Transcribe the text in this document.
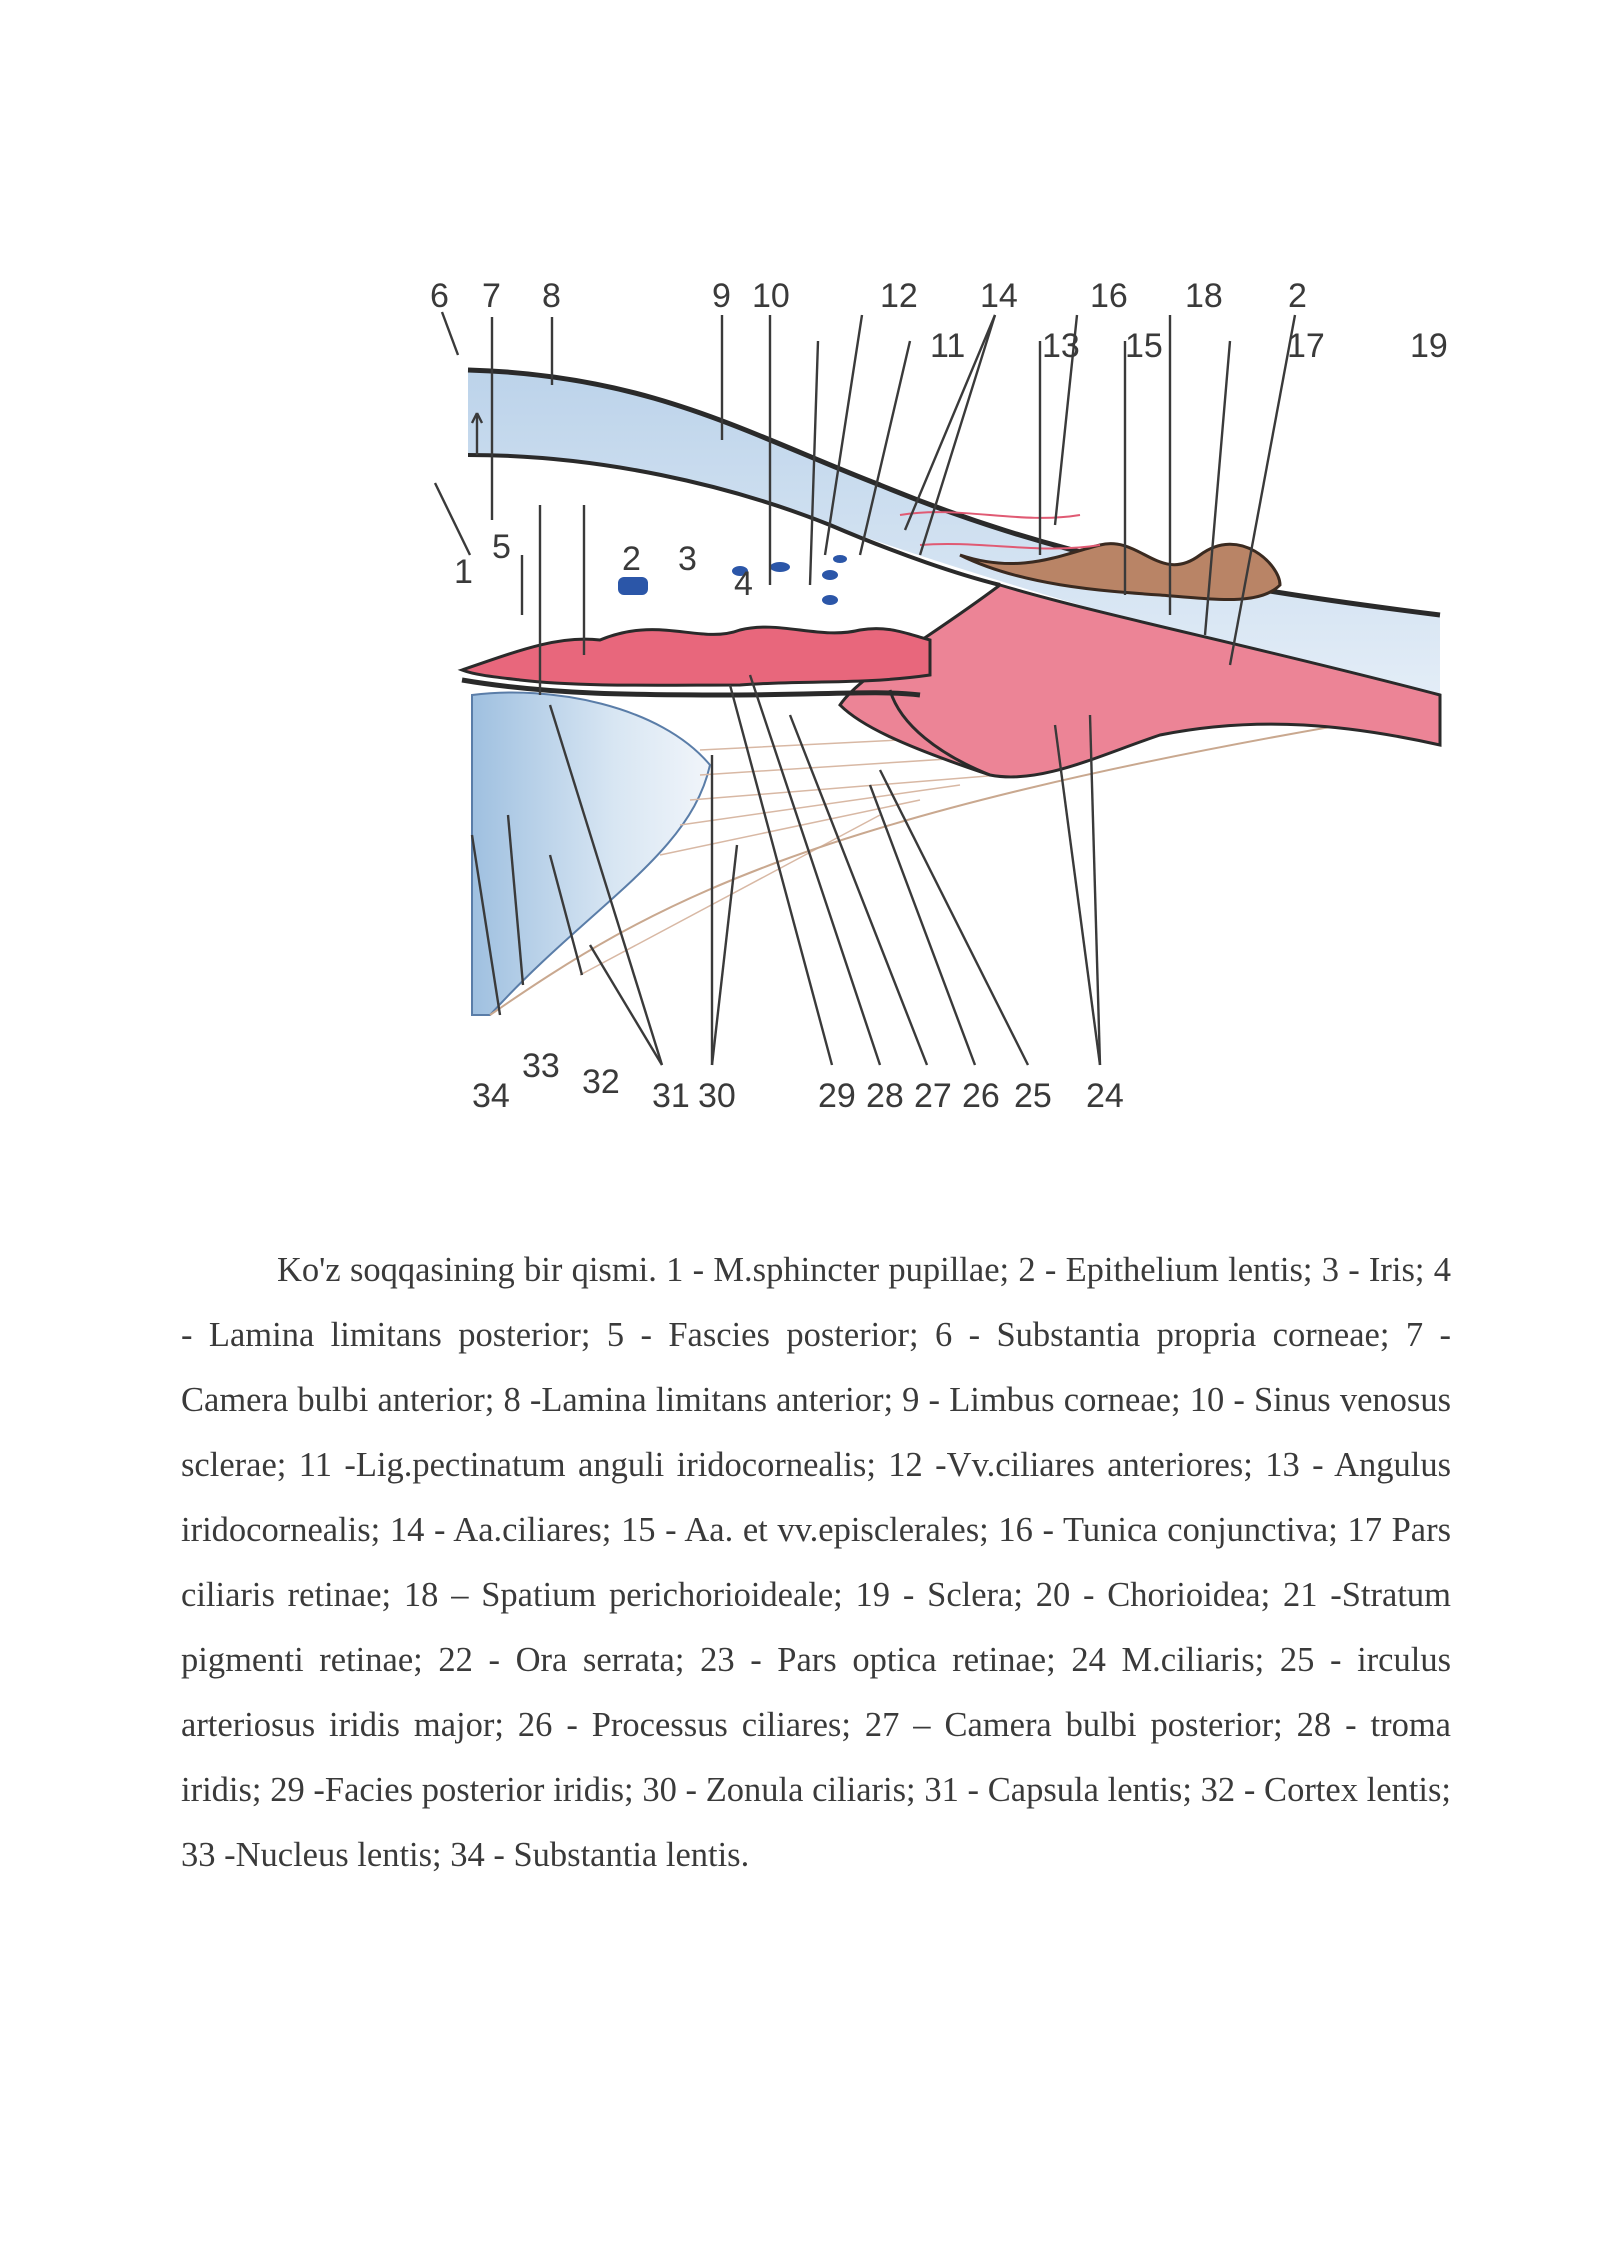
6 7 8	9 10	12 14 16 18 2
11 13 15	17	19
5
1	2 3
4
34
33 32 31 30 29 28 27 26 25 24

Ko'z soqqasining bir qismi. 1 - M.sphincter pupillae; 2 - Epithelium lentis; 3 - Iris; 4 - Lamina limitans posterior; 5 - Fascies posterior; 6 - Substantia propria corneae; 7 - Camera bulbi anterior; 8 -Lamina limitans anterior; 9 - Limbus corneae; 10 - Sinus venosus sclerae; 11 -Lig.pectinatum anguli iridocornealis; 12 -Vv.ciliares anteriores; 13 - Angulus iridocornealis; 14 - Aa.ciliares; 15 - Aa. et vv.episclerales; 16 - Tunica conjunctiva; 17 Pars ciliaris retinae; 18 – Spatium perichorioideale; 19 - Sclera; 20 - Chorioidea; 21 -Stratum pigmenti retinae; 22 - Ora serrata; 23 - Pars optica retinae; 24 M.ciliaris; 25 - irculus arteriosus iridis major; 26 - Processus ciliares; 27 – Camera bulbi posterior; 28 - troma iridis; 29 -Facies posterior iridis; 30 - Zonula ciliaris; 31 - Capsula lentis; 32 - Cortex lentis; 33 -Nucleus lentis; 34 - Substantia lentis.
